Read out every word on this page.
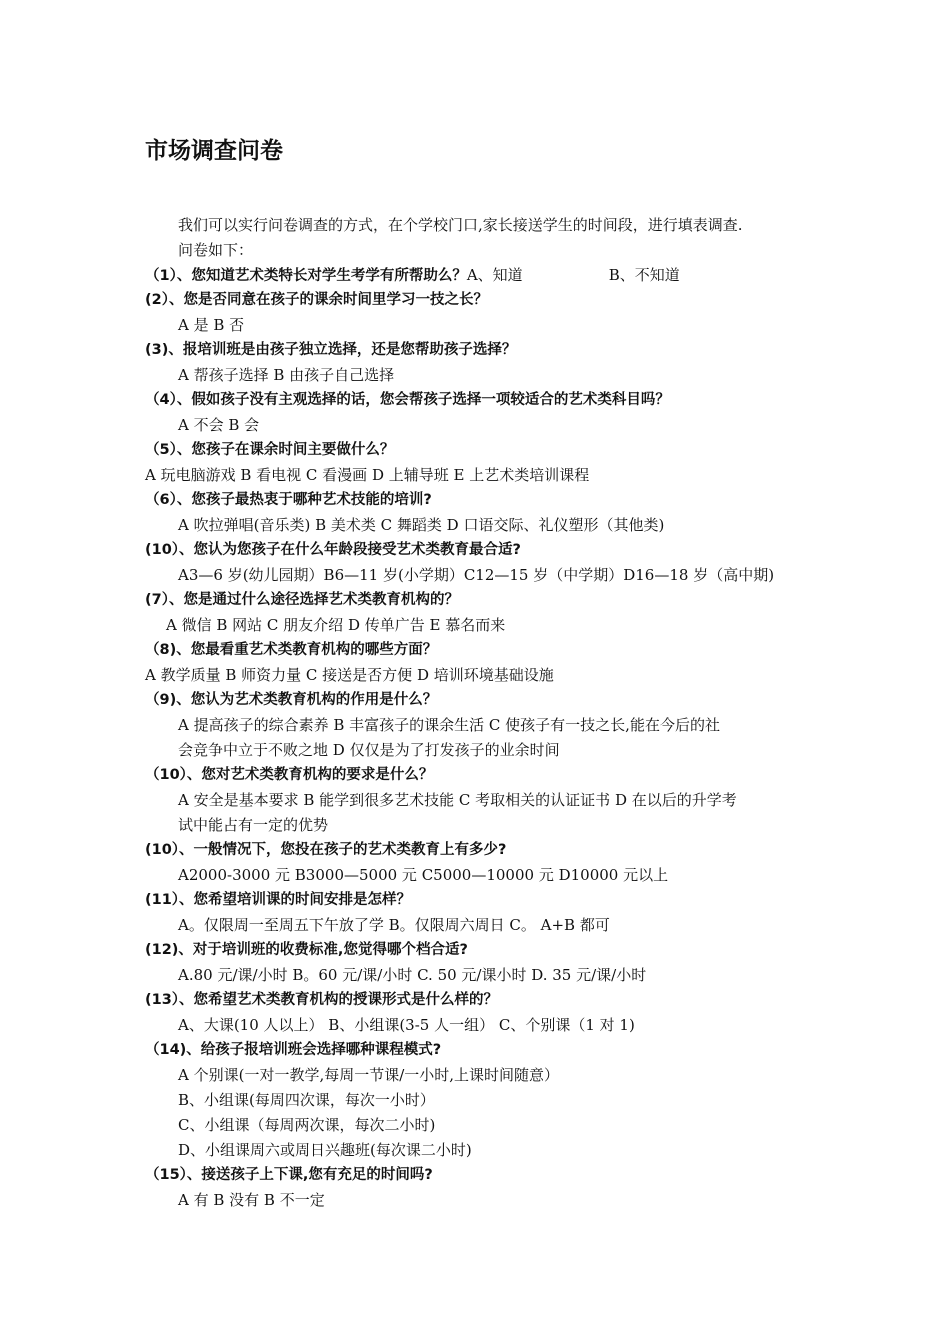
市场调查问卷
我们可以实行问卷调查的方式，在个学校门口,家长接送学生的时间段，进行填表调查.
问卷如下：
（1）、您知道艺术类特长对学生考学有所帮助么？A、知道	B、不知道
(2）、您是否同意在孩子的课余时间里学习一技之长？
A 是 B 否
(3)、报培训班是由孩子独立选择，还是您帮助孩子选择？
A 帮孩子选择 B 由孩子自己选择
（4）、假如孩子没有主观选择的话，您会帮孩子选择一项较适合的艺术类科目吗？
A 不会 B 会
（5）、您孩子在课余时间主要做什么？
A 玩电脑游戏 B 看电视 C 看漫画 D 上辅导班 E 上艺术类培训课程
（6）、您孩子最热衷于哪种艺术技能的培训?
A 吹拉弹唱(音乐类) B 美术类 C 舞蹈类 D 口语交际、礼仪塑形（其他类)
(10）、您认为您孩子在什么年龄段接受艺术类教育最合适?
A3—6 岁(幼儿园期）B6—11 岁(小学期）C12—15 岁（中学期）D16—18 岁（高中期)
(7）、您是通过什么途径选择艺术类教育机构的？
A 微信 B 网站 C 朋友介绍 D 传单广告 E 慕名而来
（8)、您最看重艺术类教育机构的哪些方面？
A 教学质量 B 师资力量 C 接送是否方便 D 培训环境基础设施
（9)、您认为艺术类教育机构的作用是什么？
A 提高孩子的综合素养 B 丰富孩子的课余生活 C 使孩子有一技之长,能在今后的社
会竞争中立于不败之地 D 仅仅是为了打发孩子的业余时间
（10）、您对艺术类教育机构的要求是什么？
A 安全是基本要求 B 能学到很多艺术技能 C 考取相关的认证证书 D 在以后的升学考
试中能占有一定的优势
(10）、一般情况下，您投在孩子的艺术类教育上有多少?
A2000-3000 元 B3000—5000 元 C5000—10000 元 D10000 元以上
(11）、您希望培训课的时间安排是怎样？
A。仅限周一至周五下午放了学 B。仅限周六周日 C。 A+B 都可
(12)、对于培训班的收费标准,您觉得哪个档合适?
A.80 元/课/小时 B。60 元/课/小时 C. 50 元/课小时 D. 35 元/课/小时
(13）、您希望艺术类教育机构的授课形式是什么样的？
A、大课(10 人以上） B、小组课(3-5 人一组） C、个别课（1 对 1)
（14)、给孩子报培训班会选择哪种课程模式?
A 个别课(一对一教学,每周一节课/一小时,上课时间随意）
B、小组课(每周四次课，每次一小时）
C、小组课（每周两次课，每次二小时)
D、小组课周六或周日兴趣班(每次课二小时)
（15）、接送孩子上下课,您有充足的时间吗?
A 有 B 没有 B 不一定
